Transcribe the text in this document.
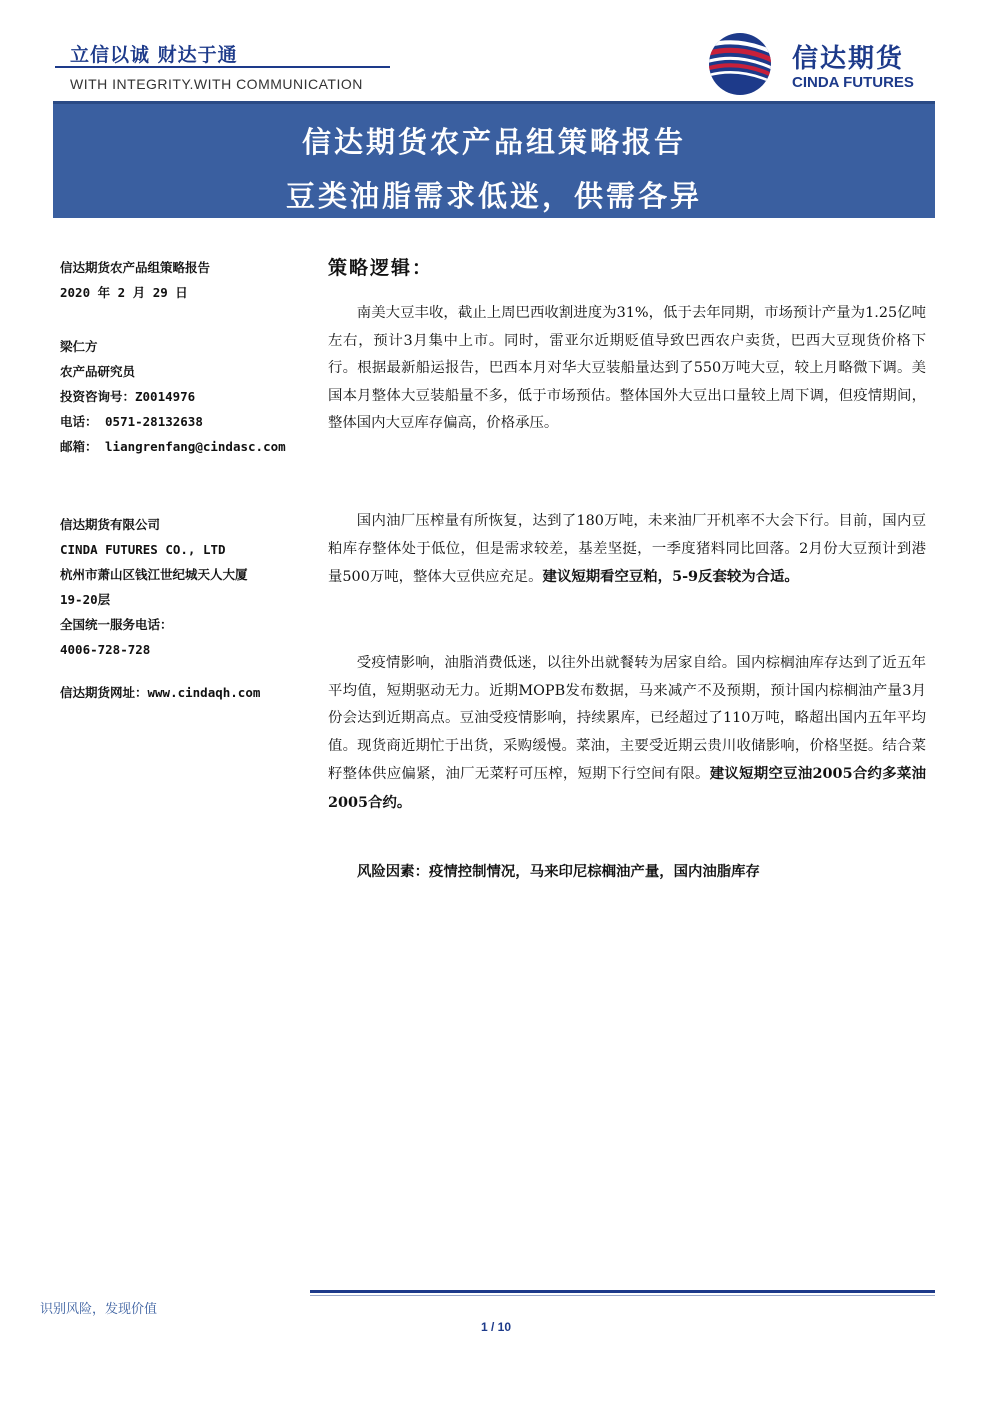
立信以诚 财达于通
WITH INTEGRITY.WITH COMMUNICATION
信达期货
CINDA FUTURES
信达期货农产品组策略报告
豆类油脂需求低迷，供需各异
信达期货农产品组策略报告
2020 年 2 月 29 日
梁仁方
农产品研究员
投资咨询号：Z0014976
电话： 0571-28132638
邮箱： liangrenfang@cindasc.com
信达期货有限公司
CINDA FUTURES CO., LTD
杭州市萧山区钱江世纪城天人大厦
19-20层
全国统一服务电话：
4006-728-728
信达期货网址：www.cindaqh.com
策略逻辑：

南美大豆丰收，截止上周巴西收割进度为31%，低于去年同期，市场预计产量为1.25亿吨左右，预计3月集中上市。同时，雷亚尔近期贬值导致巴西农户卖货，巴西大豆现货价格下行。根据最新船运报告，巴西本月对华大豆装船量达到了550万吨大豆，较上月略微下调。美国本月整体大豆装船量不多，低于市场预估。整体国外大豆出口量较上周下调，但疫情期间，整体国内大豆库存偏高，价格承压。

国内油厂压榨量有所恢复，达到了180万吨，未来油厂开机率不大会下行。目前，国内豆粕库存整体处于低位，但是需求较差，基差坚挺，一季度猪料同比回落。2月份大豆预计到港量500万吨，整体大豆供应充足。建议短期看空豆粕，5-9反套较为合适。

受疫情影响，油脂消费低迷，以往外出就餐转为居家自给。国内棕榈油库存达到了近五年平均值，短期驱动无力。近期MOPB发布数据，马来减产不及预期，预计国内棕榈油产量3月份会达到近期高点。豆油受疫情影响，持续累库，已经超过了110万吨，略超出国内五年平均值。现货商近期忙于出货，采购缓慢。菜油，主要受近期云贵川收储影响，价格坚挺。结合菜籽整体供应偏紧，油厂无菜籽可压榨，短期下行空间有限。建议短期空豆油2005合约多菜油2005合约。

风险因素：疫情控制情况，马来印尼棕榈油产量，国内油脂库存
识别风险，发现价值
1 / 10
